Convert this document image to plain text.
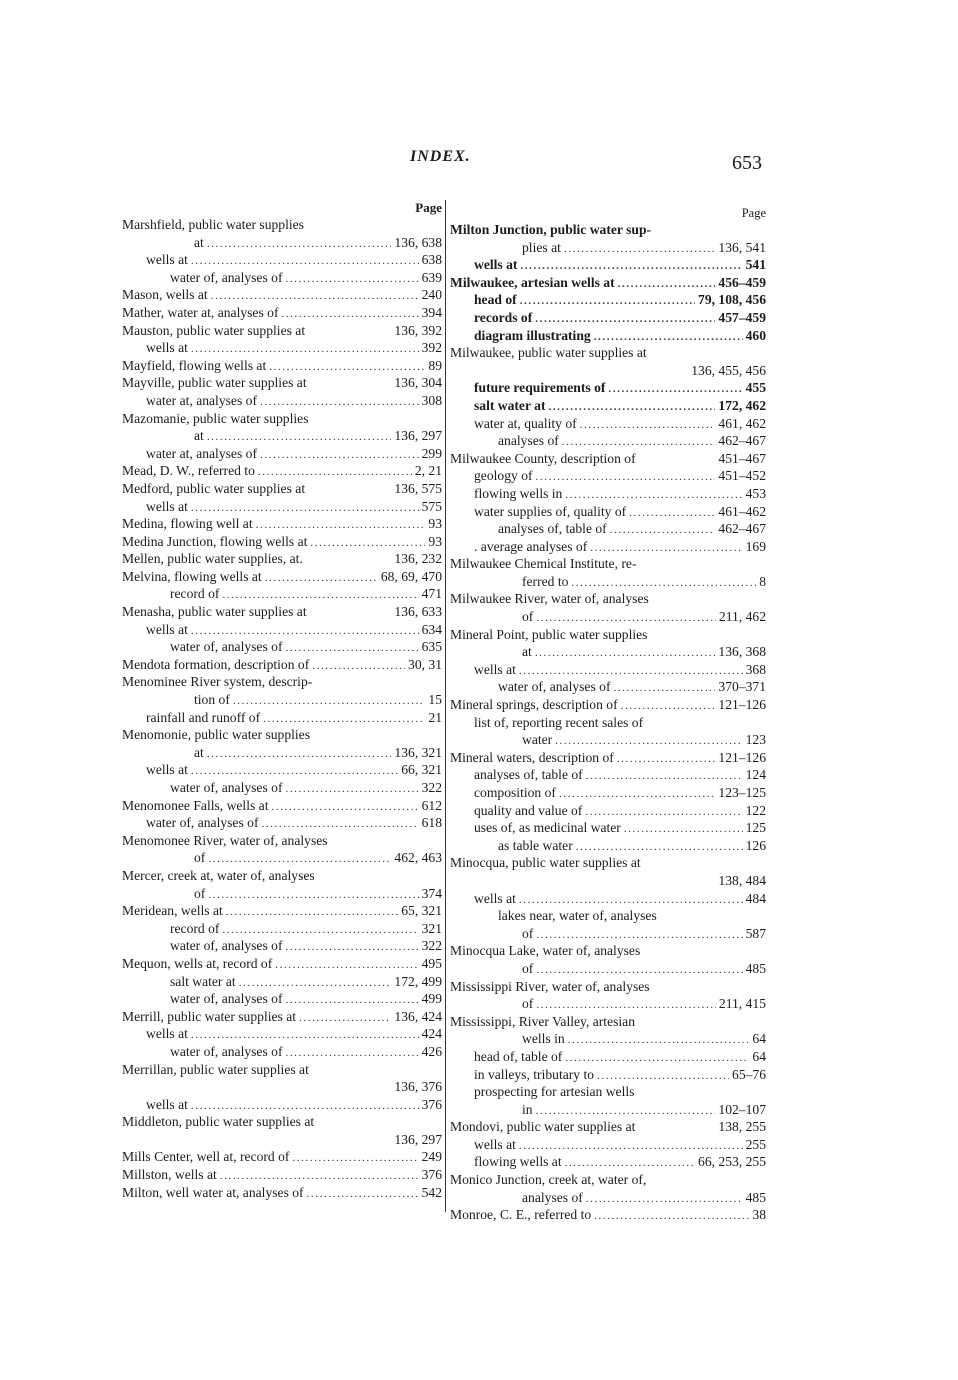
INDEX.	653
Page
Marshfield, public water supplies
at .....	136, 638
wells at .....	638
water of, analyses of .....	639
Mason, wells at .....	240
Mather, water at, analyses of .....	394
Mauston, public water supplies at	136, 392
wells at .....	392
Mayfield, flowing wells at .....	89
Mayville, public water supplies at	136, 304
water at, analyses of .....	308
Mazomanie, public water supplies
at .....	136, 297
water at, analyses of .....	299
Mead, D. W., referred to .....	2, 21
Medford, public water supplies at	136, 575
wells at .....	575
Medina, flowing well at .....	93
Medina Junction, flowing wells at .....	93
Mellen, public water supplies, at.	136, 232
Melvina, flowing wells at .....	68, 69, 470
record of .....	471
Menasha, public water supplies at	136, 633
wells at .....	634
water of, analyses of .....	635
Mendota formation, description of .....	30, 31
Menominee River system, descrip-
tion of .....	15
rainfall and runoff of .....	21
Menomonie, public water supplies
at .....	136, 321
wells at .....	66, 321
water of, analyses of .....	322
Menomonee Falls, wells at .....	612
water of, analyses of .....	618
Menomonee River, water of, analyses
of .....	462, 463
Mercer, creek at, water of, analyses
of .....	374
Meridean, wells at .....	65, 321
record of .....	321
water of, analyses of .....	322
Mequon, wells at, record of .....	495
salt water at .....	172, 499
water of, analyses of .....	499
Merrill, public water supplies at .....	136, 424
wells at .....	424
water of, analyses of .....	426
Merrillan, public water supplies at
136, 376
wells at .....	376
Middleton, public water supplies at
136, 297
Mills Center, well at, record of .....	249
Millston, wells at .....	376
Milton, well water at, analyses of .....	542
Page
Milton Junction, public water sup-
plies at .....	136, 541
wells at .....	541
Milwaukee, artesian wells at .....	456–459
head of .....	79, 108, 456
records of .....	457–459
diagram illustrating .....	460
Milwaukee, public water supplies at
136, 455, 456
future requirements of .....	455
salt water at .....	172, 462
water at, quality of .....	461, 462
analyses of .....	462–467
Milwaukee County, description of	451–467
geology of .....	451–452
flowing wells in .....	453
water supplies of, quality of .....	461–462
analyses of, table of .....	462–467
. average analyses of .....	169
Milwaukee Chemical Institute, re-
ferred to .....	8
Milwaukee River, water of, analyses
of .....	211, 462
Mineral Point, public water supplies
at .....	136, 368
wells at .....	368
water of, analyses of .....	370–371
Mineral springs, description of .....	121–126
list of, reporting recent sales of
water .....	123
Mineral waters, description of .....	121–126
analyses of, table of .....	124
composition of .....	123–125
quality and value of .....	122
uses of, as medicinal water .....	125
as table water .....	126
Minocqua, public water supplies at
138, 484
wells at .....	484
lakes near, water of, analyses
of .....	587
Minocqua Lake, water of, analyses
of .....	485
Mississippi River, water of, analyses
of .....	211, 415
Mississippi, River Valley, artesian
wells in .....	64
head of, table of .....	64
in valleys, tributary to .....	65–76
prospecting for artesian wells
in .....	102–107
Mondovi, public water supplies at	138, 255
wells at .....	255
flowing wells at .....	66, 253, 255
Monico Junction, creek at, water of,
analyses of .....	485
Monroe, C. E., referred to .....	38
